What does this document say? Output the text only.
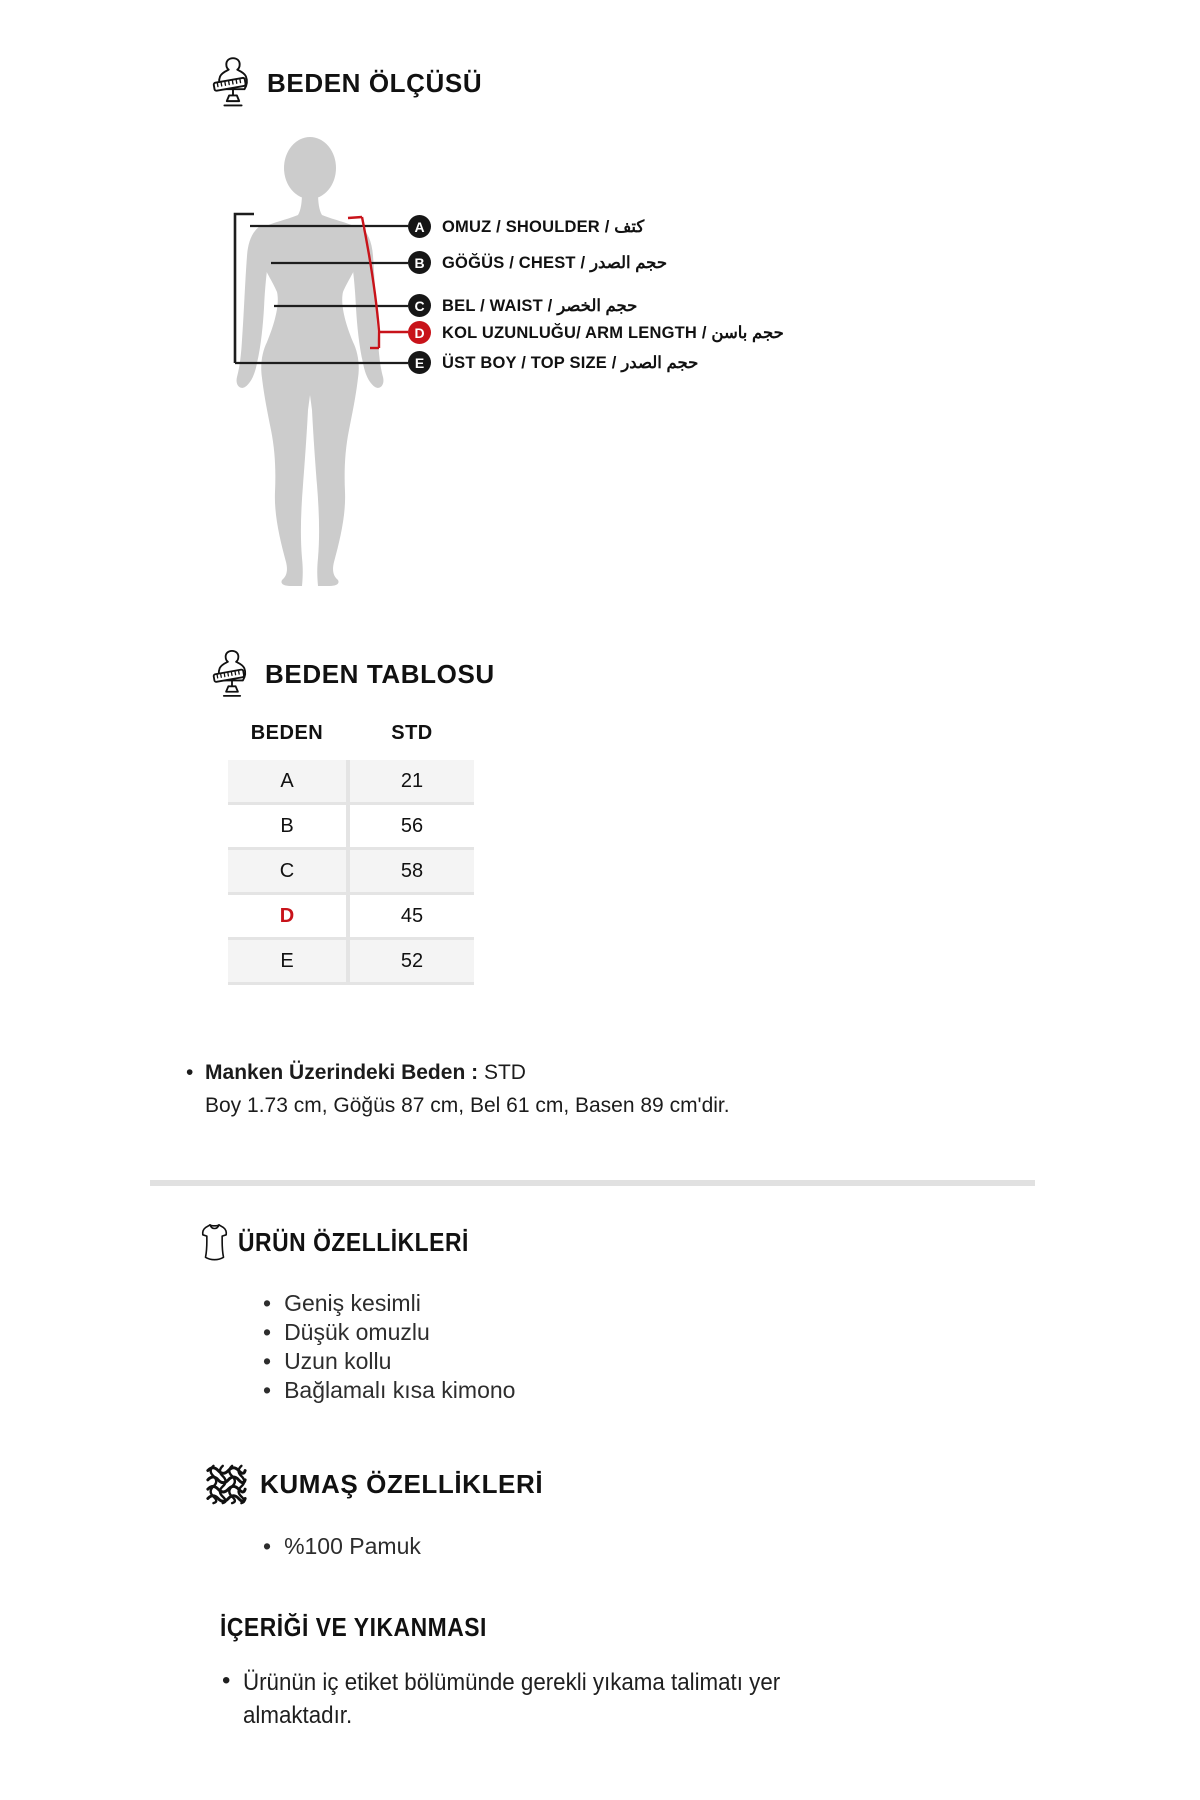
BEDEN ÖLÇÜSÜ
A	OMUZ / SHOULDER / كتف
B	GÖĞÜS / CHEST / حجم الصدر
C	BEL / WAIST / حجم الخصر
D	KOL UZUNLUĞU/ ARM LENGTH / حجم باسن
E	ÜST BOY / TOP SIZE / حجم الصدر
BEDEN TABLOSU
BEDEN	STD
A	21
B	56
C	58
D	45
E	52
•  Manken Üzerindeki Beden : STD
Boy 1.73 cm, Göğüs 87 cm, Bel 61 cm, Basen 89 cm'dir.
ÜRÜN ÖZELLİKLERİ
• Geniş kesimli
• Düşük omuzlu
• Uzun kollu
• Bağlamalı kısa kimono
KUMAŞ ÖZELLİKLERİ
• %100 Pamuk
İÇERİĞİ VE YIKANMASI
• Ürünün iç etiket bölümünde gerekli yıkama talimatı yer
almaktadır.
